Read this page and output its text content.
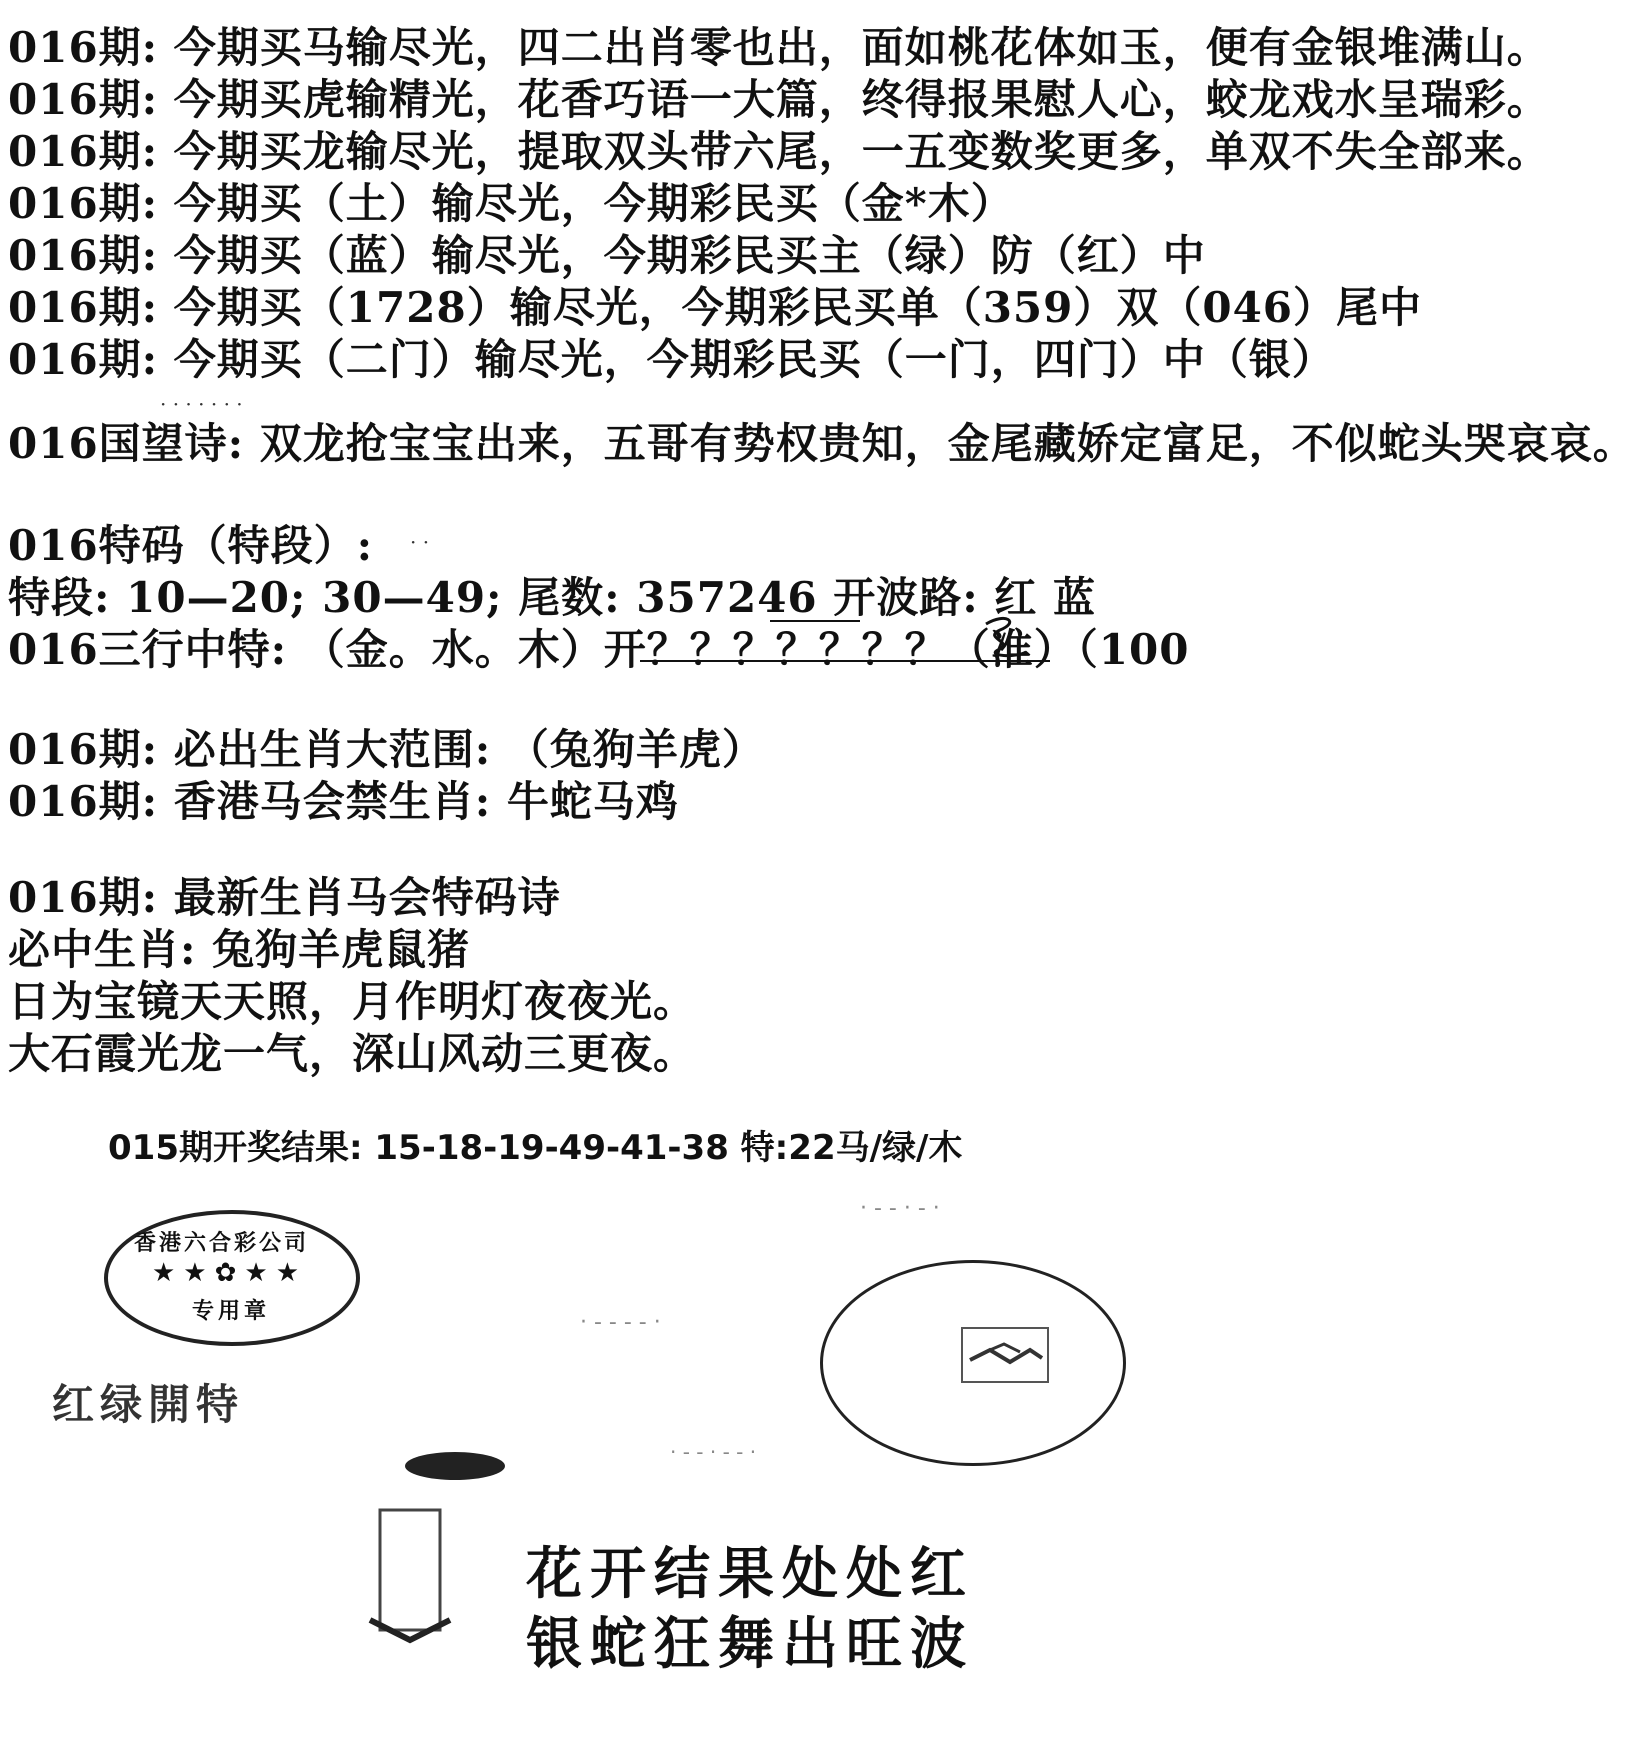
016期: 今期买马输尽光，四二出肖零也出，面如桃花体如玉，便有金银堆满山。
016期: 今期买虎输精光，花香巧语一大篇，终得报果慰人心，蛟龙戏水呈瑞彩。
016期: 今期买龙输尽光，提取双头带六尾，一五变数奖更多，单双不失全部来。
016期: 今期买（土）输尽光，今期彩民买（金*木）
016期: 今期买（蓝）输尽光，今期彩民买主（绿）防（红）中
016期: 今期买（1728）输尽光，今期彩民买单（359）双（046）尾中
016期: 今期买（二门）输尽光，今期彩民买（一门，四门）中（银）
· · · · · · ·
016国望诗: 双龙抢宝宝出来，五哥有势权贵知，金尾藏娇定富足，不似蛇头哭哀哀。
016特码（特段）: · ·
特段: 10—20; 30—49; 尾数: 357246 开波路: 红 蓝
016三行中特: （金。水。木）开？？？？？？？（准）（100
016期: 必出生肖大范围: （兔狗羊虎）
016期: 香港马会禁生肖: 牛蛇马鸡
016期: 最新生肖马会特码诗
必中生肖: 兔狗羊虎鼠猪
日为宝镜天天照，月作明灯夜夜光。
大石霞光龙一气，深山风动三更夜。
015期开奖结果: 15-18-19-49-41-38 特:22马/绿/木
香港六合彩公司
★★✿★★
专用章
红绿開特
· ‐ ‐ · ‐ ·
· ‐ ‐ ‐ ‐ ·
· ‐ ‐ · ‐ ‐ ·
花开结果处处红
银蛇狂舞出旺波
